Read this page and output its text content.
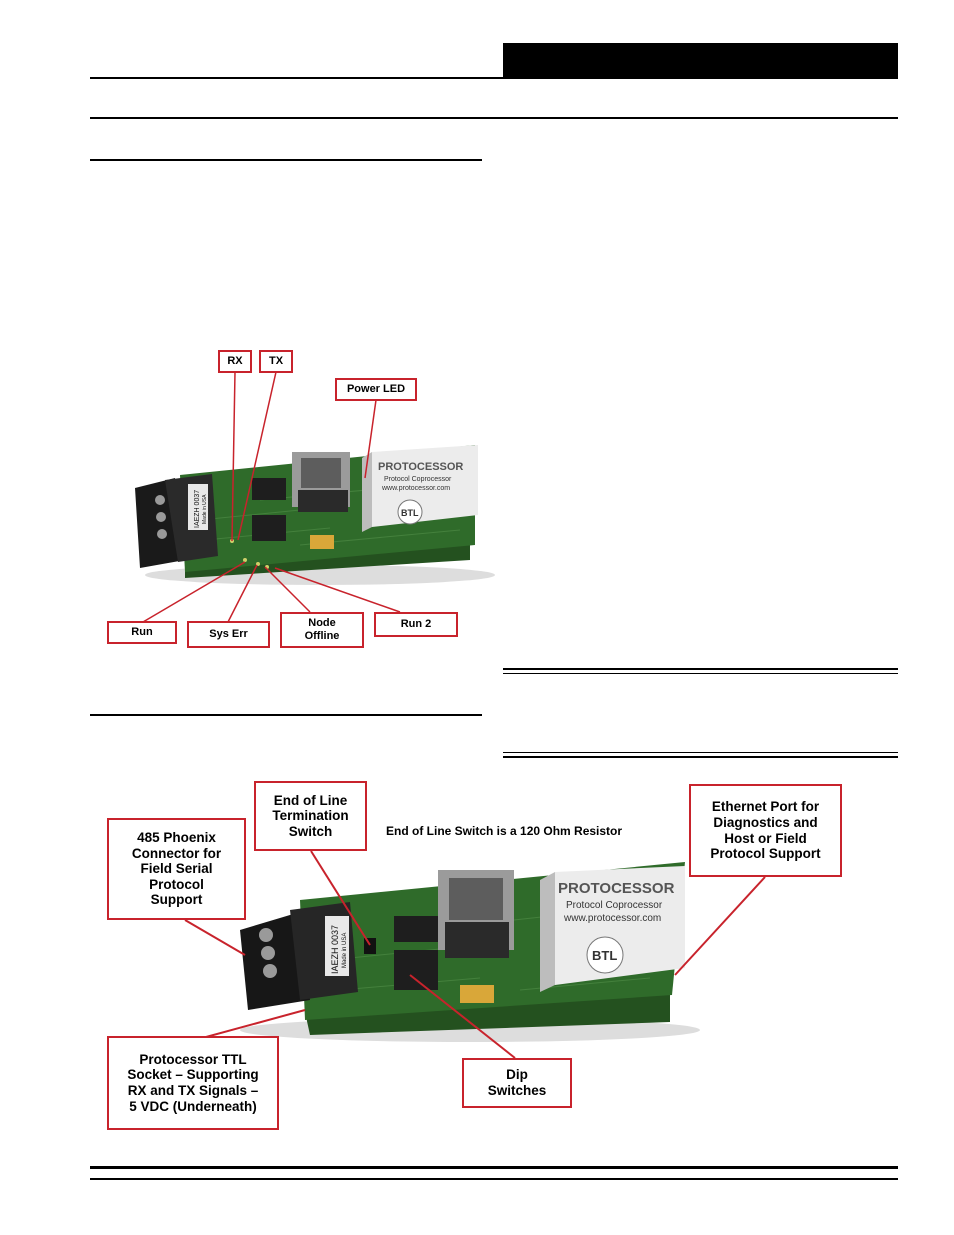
IAEZH 0037 Made in USA
PROTOCESSOR
Protocol Coprocessor
www.protocessor.com
BTL
RX	TX
Power LED
Run	Sys Err
Node
Offline
Run 2
IAEZH 0037 Made in USA
PROTOCESSOR
Protocol Coprocessor
www.protocessor.com
BTL
End of Line
Termination
Switch	End of Line Switch is a 120 Ohm Resistor
485 Phoenix
Connector for
Field Serial
Protocol
Support
Ethernet Port for
Diagnostics and
Host or Field
Protocol Support
Protocessor TTL
Socket – Supporting
RX and TX Signals –
5 VDC (Underneath)
Dip
Switches
